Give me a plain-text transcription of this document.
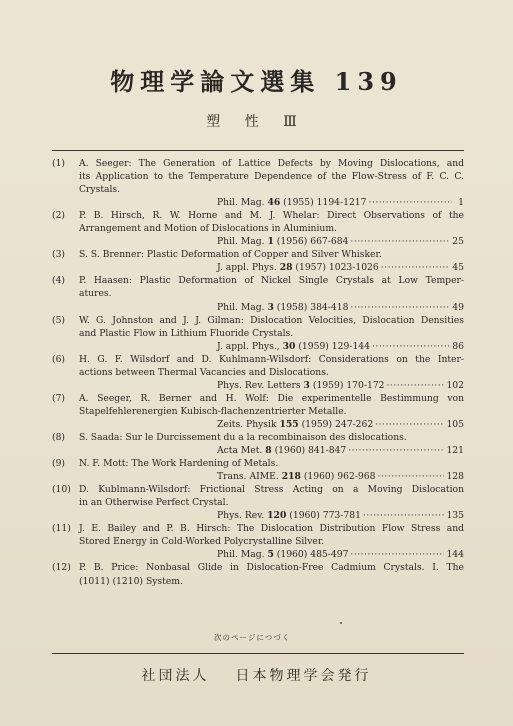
物理学論文選集 139
塑 性 Ⅲ
(1)	A. Seeger: The Generation of Lattice Defects by Moving Dislocations, and
its Application to the Temperature Dependence of the Flow-Stress of F. C. C.
Crystals.
Phil. Mag. 46 (1955) 1194-1217 ·····	1
(2)	P. B. Hirsch, R. W. Horne and M. J. Whelar: Direct Observations of the
Arrangement and Motion of Dislocations in Aluminium.
Phil. Mag. 1 (1956) 667-684 ·····	25
(3)	S. S. Brenner: Plastic Deformation of Copper and Silver Whisker.
J. appl. Phys. 28 (1957) 1023-1026 ·····	45
(4)	P. Haasen: Plastic Deformation of Nickel Single Crystals at Low Temper-
atures.
Phil. Mag. 3 (1958) 384-418 ·····	49
(5)	W. G. Johnston and J. J. Gilman: Dislocation Velocities, Dislocation Densities
and Plastic Flow in Lithium Fluoride Crystals.
J. appl. Phys., 30 (1959) 129-144 ·····	86
(6)	H. G. F. Wilsdorf and D. Kuhlmann-Wilsdorf: Considerations on the Inter-
actions between Thermal Vacancies and Dislocations.
Phys. Rev. Letters 3 (1959) 170-172 ·····	102
(7)	A. Seeger, R. Berner and H. Wolf: Die experimentelle Bestimmung von
Stapelfehlerenergien Kubisch-flachenzentrierter Metalle.
Zeits. Physik 155 (1959) 247-262 ·····	105
(8)	S. Saada: Sur le Durcissement du a la recombinaison des dislocations.
Acta Met. 8 (1960) 841-847 ·····	121
(9)	N. F. Mott: The Work Hardening of Metals.
Trans. AIME. 218 (1960) 962-968 ·····	128
(10) D. Kublmann-Wilsdorf: Frictional Stress Acting on a Moving Dislocation
in an Otherwise Perfect Crystal.
Phys. Rev. 120 (1960) 773-781 ·····	135
(11) J. E. Bailey and P. B. Hirsch: The Dislocation Distribution Flow Stress and
Stored Energy in Cold-Worked Polycrystalline Silver.
Phil. Mag. 5 (1960) 485-497 ·····	144
(12) P. B. Price: Nonbasal Glide in Dislocation-Free Cadmium Crystals. I. The
(1011) (1210) System.
次のページにつづく
社団法人 日本物理学会発行
